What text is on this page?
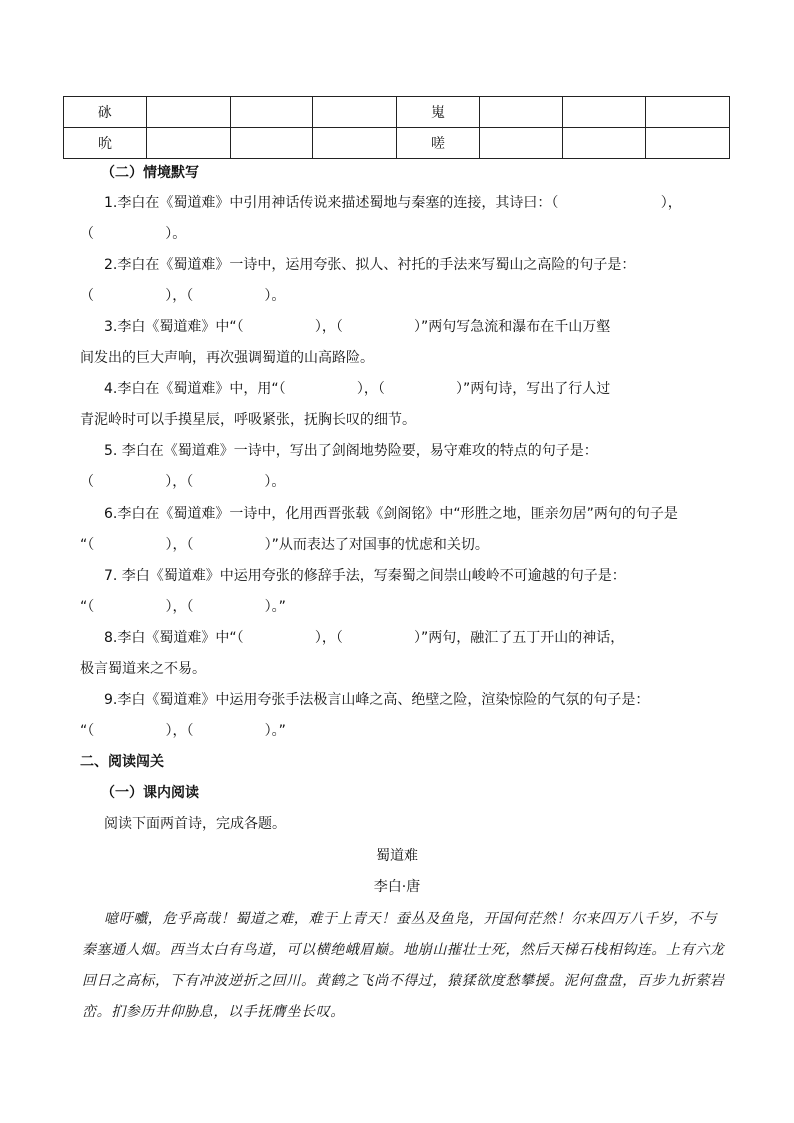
砯				嵬			
吮				嗟			
（二）情境默写
1.李白在《蜀道难》中引用神话传说来描述蜀地与秦塞的连接，其诗曰：（                       ），
（                ）。
2.李白在《蜀道难》一诗中，运用夸张、拟人、衬托的手法来写蜀山之高险的句子是：
（                ），（                ）。
3.李白《蜀道难》中“（                ），（                ）”两句写急流和瀑布在千山万壑
间发出的巨大声响，再次强调蜀道的山高路险。
4.李白在《蜀道难》中，用“（                ），（                ）”两句诗，写出了行人过
青泥岭时可以手摸星辰，呼吸紧张，抚胸长叹的细节。
5. 李白在《蜀道难》一诗中，写出了剑阁地势险要，易守难攻的特点的句子是：
（                ），（                ）。
6.李白在《蜀道难》一诗中，化用西晋张载《剑阁铭》中“形胜之地，匪亲勿居”两句的句子是
“（                ），（                ）”从而表达了对国事的忧虑和关切。
7. 李白《蜀道难》中运用夸张的修辞手法，写秦蜀之间崇山峻岭不可逾越的句子是：
“（                ），（                ）。”
8.李白《蜀道难》中“（                ），（                ）”两句，融汇了五丁开山的神话，
极言蜀道来之不易。
9.李白《蜀道难》中运用夸张手法极言山峰之高、绝壁之险，渲染惊险的气氛的句子是：
“（                ），（                ）。”
二、阅读闯关
（一）课内阅读
阅读下面两首诗，完成各题。
蜀道难
李白·唐
噫吁嚱，危乎高哉！蜀道之难，难于上青天！蚕丛及鱼凫，开国何茫然！尔来四万八千岁，不与
秦塞通人烟。西当太白有鸟道，可以横绝峨眉巅。地崩山摧壮士死，然后天梯石栈相钩连。上有六龙
回日之高标，下有冲波逆折之回川。黄鹤之飞尚不得过，猿猱欲度愁攀援。泥何盘盘，百步九折萦岩
峦。扪参历井仰胁息，以手抚膺坐长叹。
